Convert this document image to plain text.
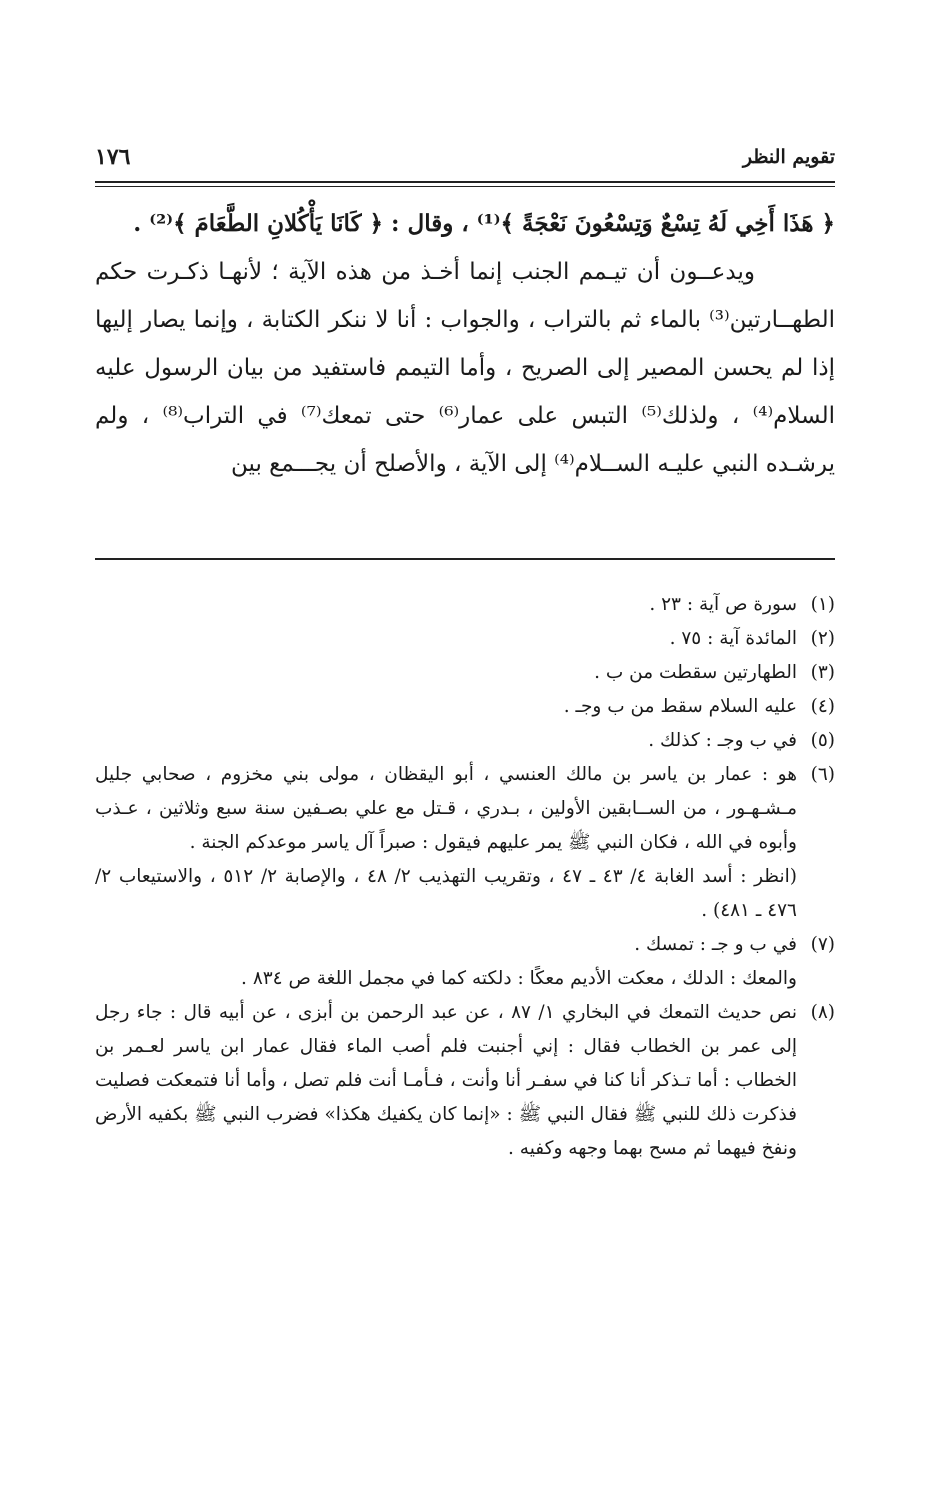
تقويم النظر
١٧٦

﴿ هَذَا أَخِي لَهُ تِسْعٌ وَتِسْعُونَ نَعْجَةً ﴾⁽¹⁾ ، وقال : ﴿ كَانَا يَأْكُلانِ الطَّعَامَ ﴾⁽²⁾ .

ويدعــون أن تيـمم الجنب إنما أخـذ من هذه الآية ؛ لأنهـا ذكـرت حكم الطهــارتين⁽³⁾ بالماء ثم بالتراب ، والجواب : أنا لا ننكر الكتابة ، وإنما يصار إليها إذا لم يحسن المصير إلى الصريح ، وأما التيمم فاستفيد من بيان الرسول عليه السلام⁽⁴⁾ ، ولذلك⁽⁵⁾ التبس على عمار⁽⁶⁾ حتى تمعك⁽⁷⁾ في التراب⁽⁸⁾ ، ولم يرشـده النبي عليـه الســلام⁽⁴⁾ إلى الآية ، والأصلح أن يجـــمع بين

(١)
سورة ص آية : ٢٣ .
(٢)
المائدة آية : ٧٥ .
(٣)
الطهارتين سقطت من ب .
(٤)
عليه السلام سقط من ب وجـ .
(٥)
في ب وجـ : كذلك .
(٦)
هو : عمار بن ياسر بن مالك العنسي ، أبو اليقظان ، مولى بني مخزوم ، صحابي جليل مـشـهـور ، من الســابقين الأولين ، بـدري ، قـتل مع علي بصـفين سنة سبع وثلاثين ، عـذب وأبوه في الله ، فكان النبي ﷺ يمر عليهم فيقول : صبراً آل ياسر موعدكم الجنة .
(انظر : أسد الغابة ٤/ ٤٣ ـ ٤٧ ، وتقريب التهذيب ٢/ ٤٨ ، والإصابة ٢/ ٥١٢ ، والاستيعاب ٢/ ٤٧٦ ـ ٤٨١) .
(٧)
في ب و جـ : تمسك .
والمعك : الدلك ، معكت الأديم معكًا : دلكته كما في مجمل اللغة ص ٨٣٤ .
(٨)
نص حديث التمعك في البخاري ١/ ٨٧ ، عن عبد الرحمن بن أبزى ، عن أبيه قال : جاء رجل إلى عمر بن الخطاب فقال : إني أجنبت فلم أصب الماء فقال عمار ابن ياسر لعـمر بن الخطاب : أما تـذكر أنا كنا في سفـر أنا وأنت ، فـأمـا أنت فلم تصل ، وأما أنا فتمعكت فصليت فذكرت ذلك للنبي ﷺ فقال النبي ﷺ : «إنما كان يكفيك هكذا» فضرب النبي ﷺ بكفيه الأرض ونفخ فيهما ثم مسح بهما وجهه وكفيه .
